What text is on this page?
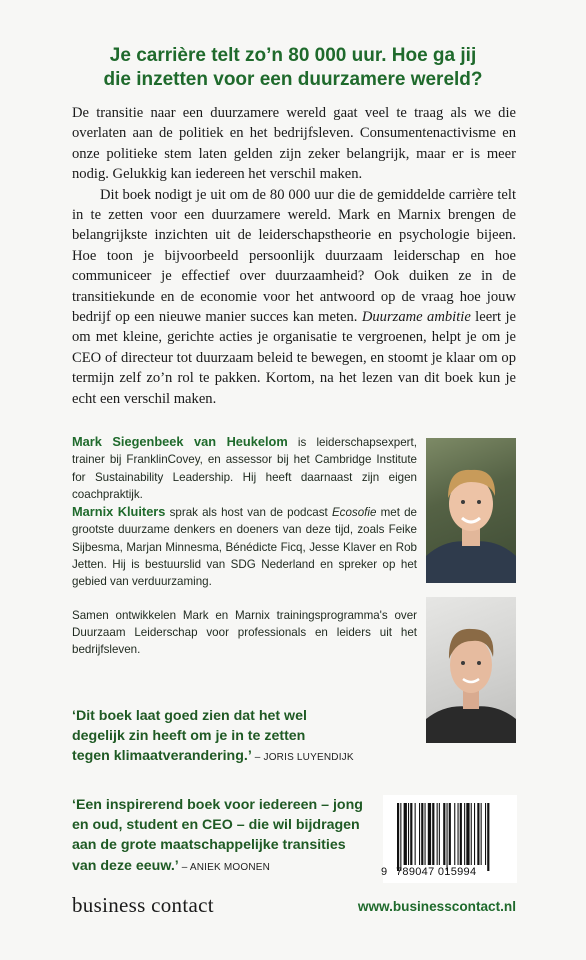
Je carrière telt zo’n 80 000 uur. Hoe ga jij
die inzetten voor een duurzamere wereld?

De transitie naar een duurzamere wereld gaat veel te traag als we die overlaten aan de politiek en het bedrijfsleven. Consumentenactivisme en onze politieke stem laten gelden zijn zeker belangrijk, maar er is meer nodig. Gelukkig kan iedereen het verschil maken.

Dit boek nodigt je uit om de 80 000 uur die de gemiddelde carrière telt in te zetten voor een duurzamere wereld. Mark en Marnix brengen de belangrijkste inzichten uit de leiderschapstheorie en psychologie bijeen. Hoe toon je bijvoorbeeld persoonlijk duurzaam leiderschap en hoe communiceer je effectief over duurzaamheid? Ook duiken ze in de transitiekunde en de economie voor het antwoord op de vraag hoe jouw bedrijf op een nieuwe manier succes kan meten. Duurzame ambitie leert je om met kleine, gerichte acties je organisatie te vergroenen, helpt je om je CEO of directeur tot duurzaam beleid te bewegen, en stoomt je klaar om op termijn zelf zo’n rol te pakken. Kortom, na het lezen van dit boek kun je echt een verschil maken.

Mark Siegenbeek van Heukelom is leiderschapsexpert, trainer bij FranklinCovey, en assessor bij het Cambridge Institute for Sustainability Leadership. Hij heeft daarnaast zijn eigen coachpraktijk.

Marnix Kluiters sprak als host van de podcast Ecosofie met de grootste duurzame denkers en doeners van deze tijd, zoals Feike Sijbesma, Marjan Minnesma, Bénédicte Ficq, Jesse Klaver en Rob Jetten. Hij is bestuurslid van SDG Nederland en spreker op het gebied van verduurzaming.

Samen ontwikkelen Mark en Marnix trainingsprogramma's over Duurzaam Leiderschap voor professionals en leiders uit het bedrijfsleven.

‘Dit boek laat goed zien dat het wel
degelijk zin heeft om je in te zetten
tegen klimaatverandering.’ – JORIS LUYENDIJK
‘Een inspirerend boek voor iedereen – jong
en oud, student en CEO – die wil bijdragen
aan de grote maatschappelijke transities
van deze eeuw.’ – ANIEK MOONEN	9 789047 015994
business contact	www.businesscontact.nl
